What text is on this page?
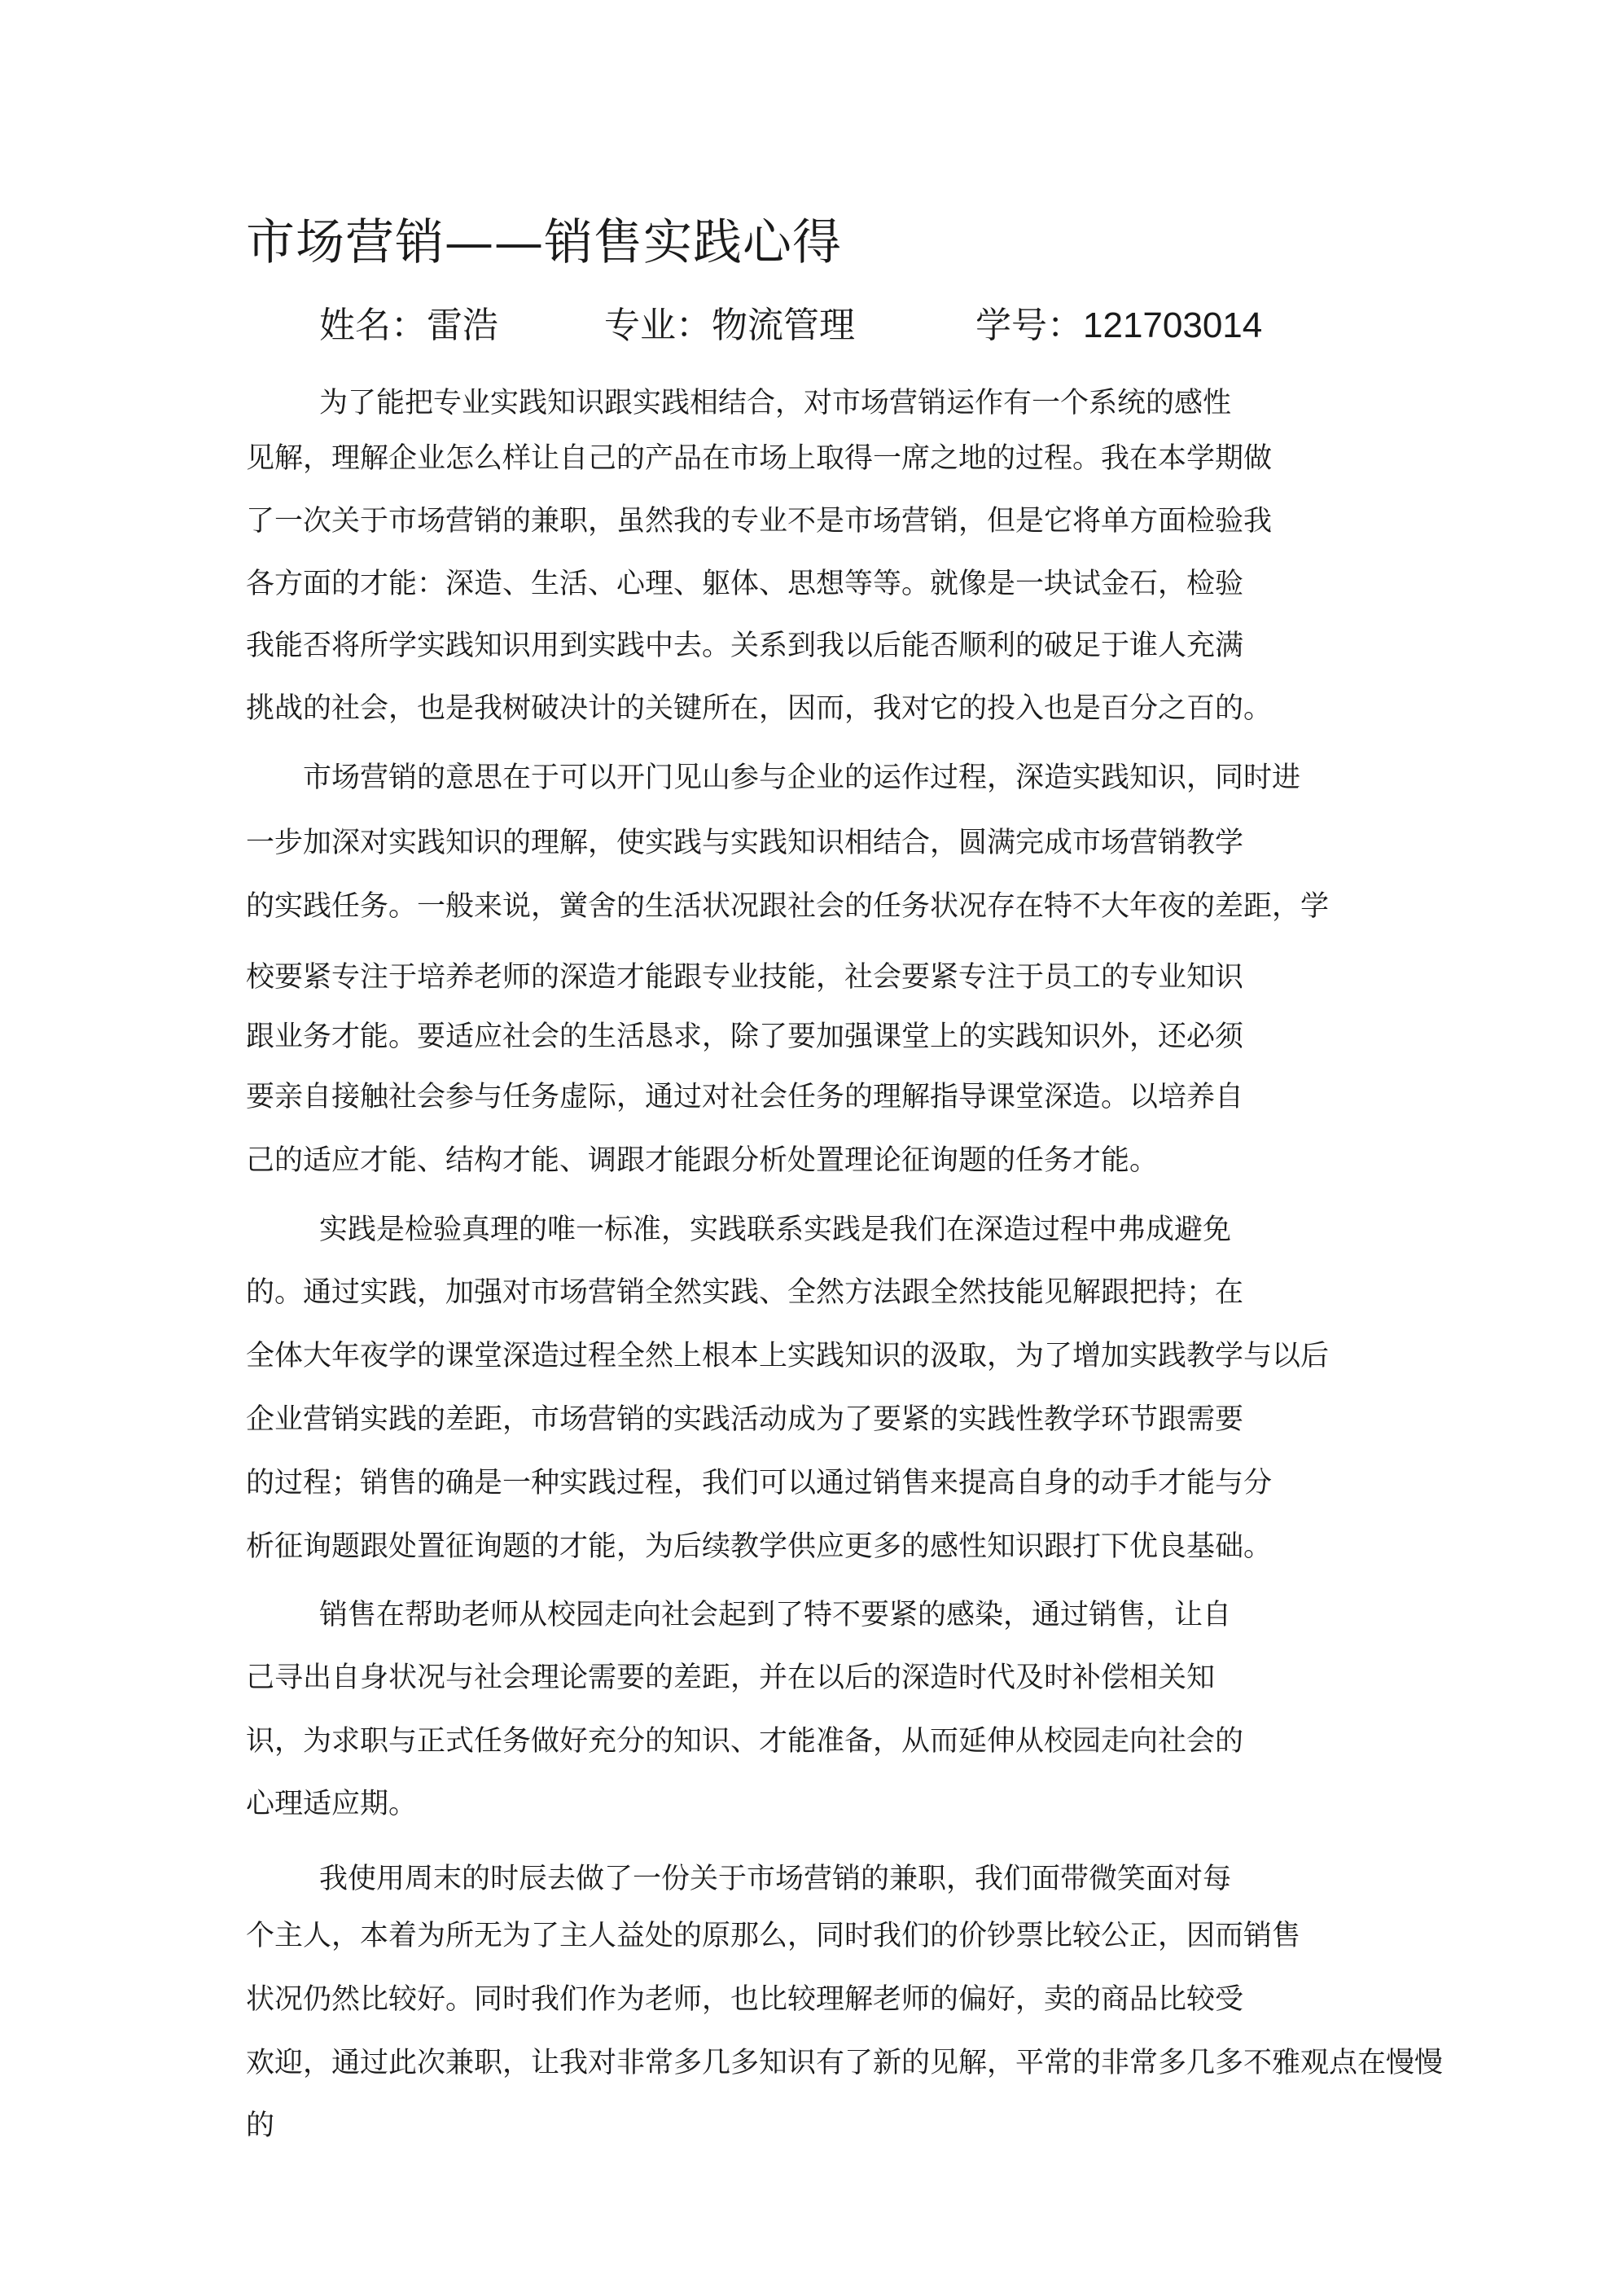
市场营销——销售实践心得
姓名：雷浩	专业：物流管理	学号：121703014
为了能把专业实践知识跟实践相结合，对市场营销运作有一个系统的感性
见解，理解企业怎么样让自己的产品在市场上取得一席之地的过程。我在本学期做
了一次关于市场营销的兼职，虽然我的专业不是市场营销，但是它将单方面检验我
各方面的才能：深造、生活、心理、躯体、思想等等。就像是一块试金石，检验
我能否将所学实践知识用到实践中去。关系到我以后能否顺利的破足于谁人充满
挑战的社会，也是我树破决计的关键所在，因而，我对它的投入也是百分之百的。
市场营销的意思在于可以开门见山参与企业的运作过程，深造实践知识，同时进
一步加深对实践知识的理解，使实践与实践知识相结合，圆满完成市场营销教学
的实践任务。一般来说，黉舍的生活状况跟社会的任务状况存在特不大年夜的差距，学
校要紧专注于培养老师的深造才能跟专业技能，社会要紧专注于员工的专业知识
跟业务才能。要适应社会的生活恳求，除了要加强课堂上的实践知识外，还必须
要亲自接触社会参与任务虚际，通过对社会任务的理解指导课堂深造。以培养自
己的适应才能、结构才能、调跟才能跟分析处置理论征询题的任务才能。
实践是检验真理的唯一标准，实践联系实践是我们在深造过程中弗成避免
的。通过实践，加强对市场营销全然实践、全然方法跟全然技能见解跟把持；在
全体大年夜学的课堂深造过程全然上根本上实践知识的汲取，为了增加实践教学与以后
企业营销实践的差距，市场营销的实践活动成为了要紧的实践性教学环节跟需要
的过程；销售的确是一种实践过程，我们可以通过销售来提高自身的动手才能与分
析征询题跟处置征询题的才能，为后续教学供应更多的感性知识跟打下优良基础。
销售在帮助老师从校园走向社会起到了特不要紧的感染，通过销售，让自
己寻出自身状况与社会理论需要的差距，并在以后的深造时代及时补偿相关知
识，为求职与正式任务做好充分的知识、才能准备，从而延伸从校园走向社会的
心理适应期。
我使用周末的时辰去做了一份关于市场营销的兼职，我们面带微笑面对每
个主人，本着为所无为了主人益处的原那么，同时我们的价钞票比较公正，因而销售
状况仍然比较好。同时我们作为老师，也比较理解老师的偏好，卖的商品比较受
欢迎，通过此次兼职，让我对非常多几多知识有了新的见解，平常的非常多几多不雅观点在慢慢
的
